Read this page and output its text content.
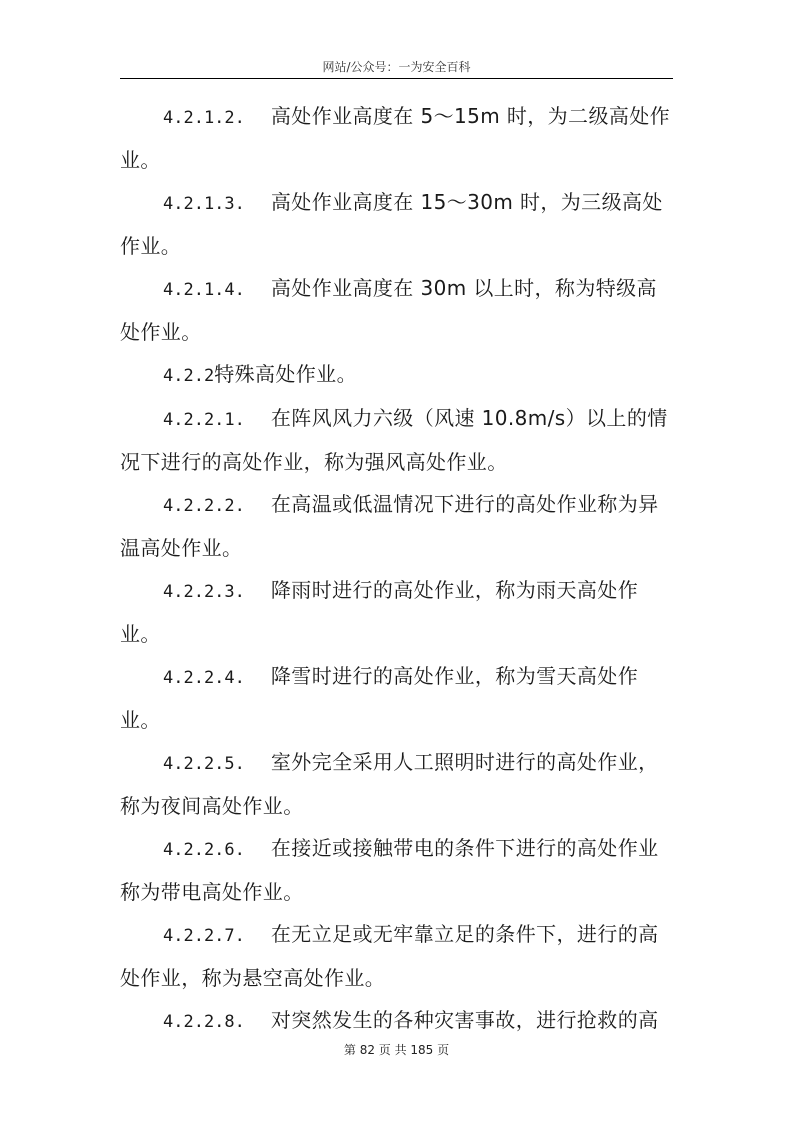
网站/公众号：一为安全百科

4.2.1.2. 高处作业高度在 5～15m 时，为二级高处作业。

4.2.1.3. 高处作业高度在 15～30m 时，为三级高处作业。

4.2.1.4. 高处作业高度在 30m 以上时，称为特级高处作业。

4.2.2特殊高处作业。

4.2.2.1. 在阵风风力六级（风速 10.8m/s）以上的情况下进行的高处作业，称为强风高处作业。

4.2.2.2. 在高温或低温情况下进行的高处作业称为异温高处作业。

4.2.2.3. 降雨时进行的高处作业，称为雨天高处作业。

4.2.2.4. 降雪时进行的高处作业，称为雪天高处作业。

4.2.2.5. 室外完全采用人工照明时进行的高处作业，称为夜间高处作业。

4.2.2.6. 在接近或接触带电的条件下进行的高处作业称为带电高处作业。

4.2.2.7. 在无立足或无牢靠立足的条件下，进行的高处作业，称为悬空高处作业。

4.2.2.8. 对突然发生的各种灾害事故，进行抢救的高

第 82 页 共 185 页
